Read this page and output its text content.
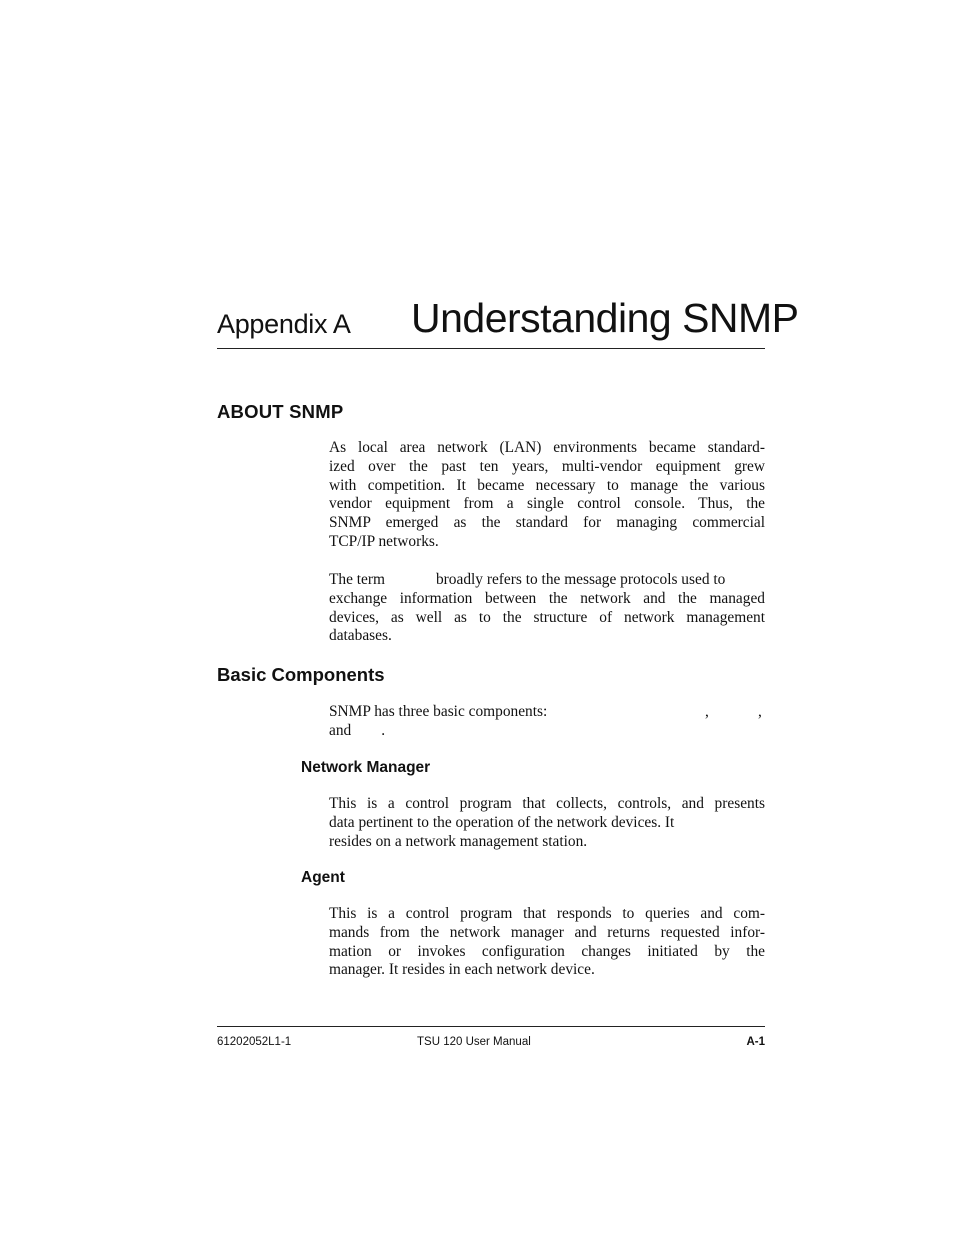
Appendix A Understanding SNMP
ABOUT SNMP
As local area network (LAN) environments became standard-
ized over the past ten years, multi-vendor equipment grew
with competition. It became necessary to manage the various
vendor equipment from a single control console. Thus, the
SNMP emerged as the standard for managing commercial
TCP/IP networks.
The term	broadly refers to the message protocols used to
exchange information between the network and the managed
devices, as well as to the structure of network management
databases.
Basic Components
SNMP has three basic components:	,	,
and .
Network Manager
This is a control program that collects, controls, and presents
data pertinent to the operation of the network devices. It
resides on a network management station.
Agent
This is a control program that responds to queries and com-
mands from the network manager and returns requested infor-
mation or invokes configuration changes initiated by the
manager. It resides in each network device.
61202052L1-1	TSU 120 User Manual	A-1
